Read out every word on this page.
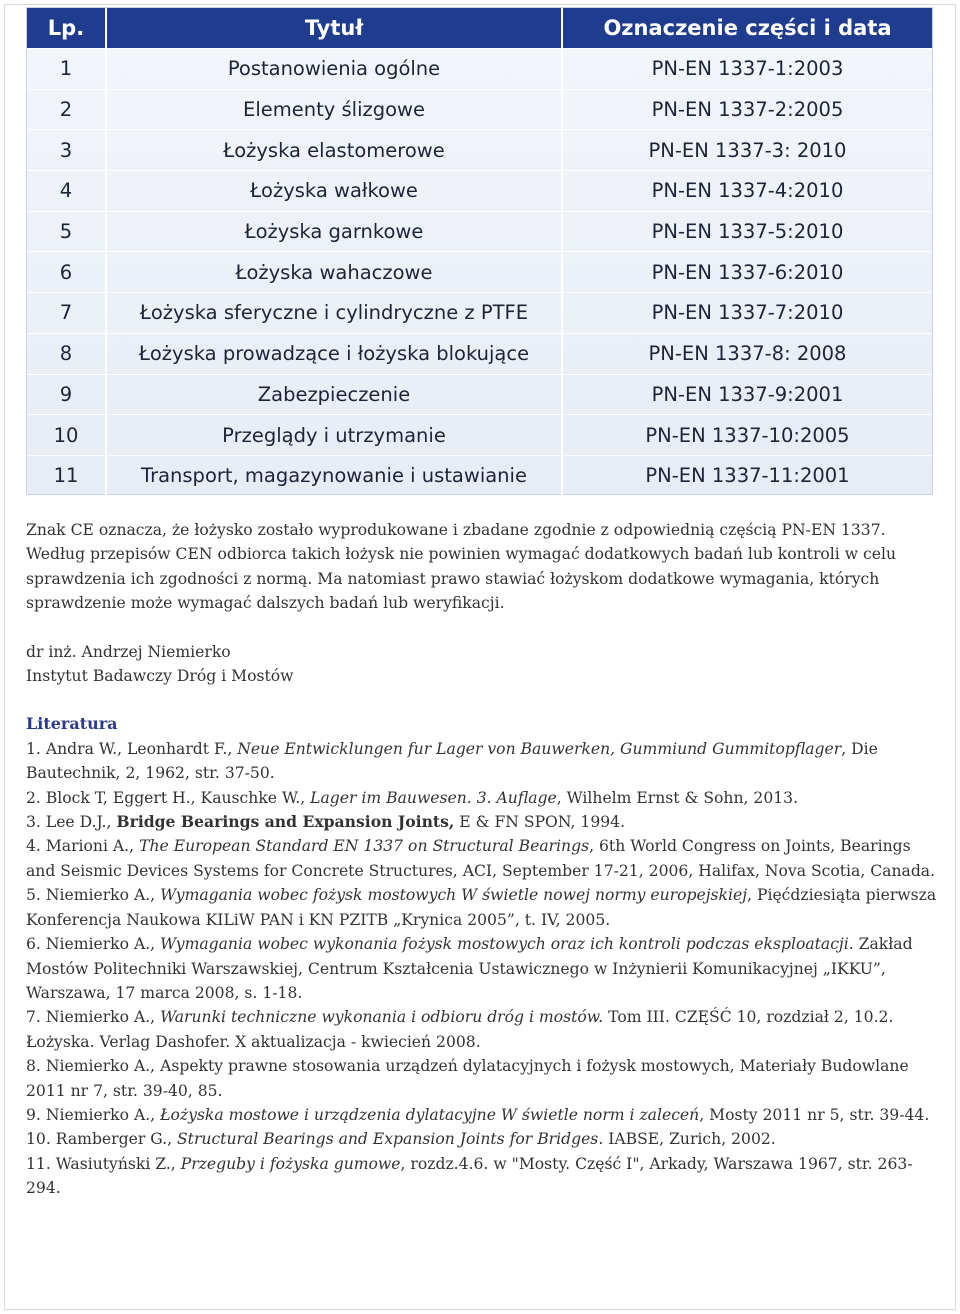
Lp.	Tytuł	Oznaczenie części i data
1	Postanowienia ogólne	PN-EN 1337-1:2003
2	Elementy ślizgowe	PN-EN 1337-2:2005
3	Łożyska elastomerowe	PN-EN 1337-3: 2010
4	Łożyska wałkowe	PN-EN 1337-4:2010
5	Łożyska garnkowe	PN-EN 1337-5:2010
6	Łożyska wahaczowe	PN-EN 1337-6:2010
7	Łożyska sferyczne i cylindryczne z PTFE	PN-EN 1337-7:2010
8	Łożyska prowadzące i łożyska blokujące	PN-EN 1337-8: 2008
9	Zabezpieczenie	PN-EN 1337-9:2001
10	Przeglądy i utrzymanie	PN-EN 1337-10:2005
11	Transport, magazynowanie i ustawianie	PN-EN 1337-11:2001

Znak CE oznacza, że łożysko zostało wyprodukowane i zbadane zgodnie z odpowiednią częścią PN-EN 1337. Według przepisów CEN odbiorca takich łożysk nie powinien wymagać dodatkowych badań lub kontroli w celu sprawdzenia ich zgodności z normą. Ma natomiast prawo stawiać łożyskom dodatkowe wymagania, których sprawdzenie może wymagać dalszych badań lub weryfikacji.

dr inż. Andrzej Niemierko
Instytut Badawczy Dróg i Mostów

Literatura
1. Andra W., Leonhardt F., Neue Entwicklungen fur Lager von Bauwerken, Gummiund Gummitopflager, Die Bautechnik, 2, 1962, str. 37-50.
2. Block T, Eggert H., Kauschke W., Lager im Bauwesen. 3. Auflage, Wilhelm Ernst & Sohn, 2013.
3. Lee D.J., Bridge Bearings and Expansion Joints, E & FN SPON, 1994.
4. Marioni A., The European Standard EN 1337 on Structural Bearings, 6th World Congress on Joints, Bearings and Seismic Devices Systems for Concrete Structures, ACI, September 17-21, 2006, Halifax, Nova Scotia, Canada.
5. Niemierko A., Wymagania wobec fożysk mostowych W świetle nowej normy europejskiej, Pięćdziesiąta pierwsza Konferencja Naukowa KILiW PAN i KN PZITB „Krynica 2005”, t. IV, 2005.
6. Niemierko A., Wymagania wobec wykonania fożysk mostowych oraz ich kontroli podczas eksploatacji. Zakład Mostów Politechniki Warszawskiej, Centrum Kształcenia Ustawicznego w Inżynierii Komunikacyjnej „IKKU”, Warszawa, 17 marca 2008, s. 1-18.
7. Niemierko A., Warunki techniczne wykonania i odbioru dróg i mostów. Tom III. CZĘŚĆ 10, rozdział 2, 10.2. Łożyska. Verlag Dashofer. X aktualizacja - kwiecień 2008.
8. Niemierko A., Aspekty prawne stosowania urządzeń dylatacyjnych i fożysk mostowych, Materiały Budowlane 2011 nr 7, str. 39-40, 85.
9. Niemierko A., Łożyska mostowe i urządzenia dylatacyjne W świetle norm i zaleceń, Mosty 2011 nr 5, str. 39-44.
10. Ramberger G., Structural Bearings and Expansion Joints for Bridges. IABSE, Zurich, 2002.
11. Wasiutyński Z., Przeguby i fożyska gumowe, rozdz.4.6. w "Mosty. Część I", Arkady, Warszawa 1967, str. 263-294.
